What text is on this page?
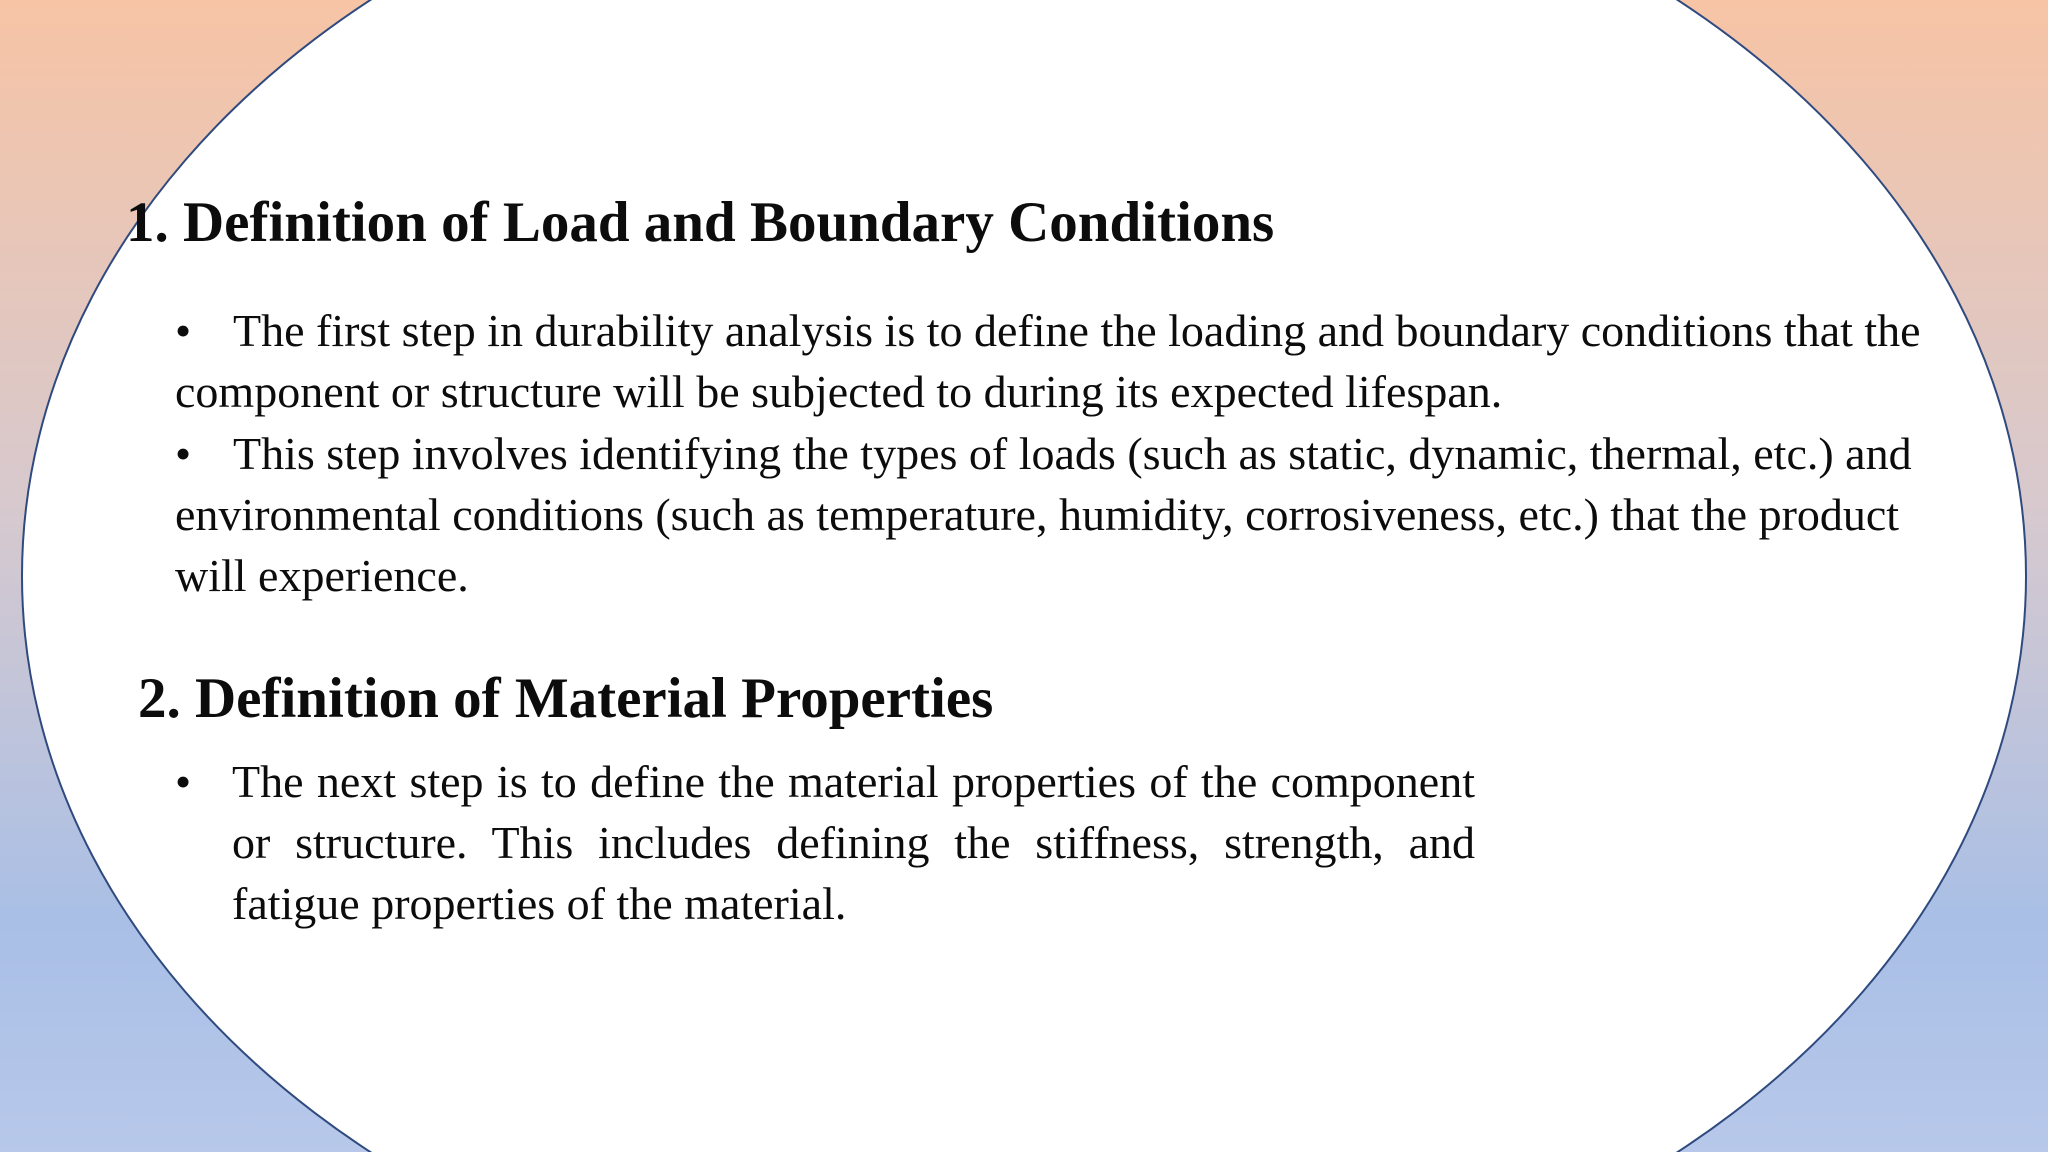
1. Definition of Load and Boundary Conditions

• The first step in durability analysis is to define the loading and boundary conditions that the component or structure will be subjected to during its expected lifespan.

• This step involves identifying the types of loads (such as static, dynamic, thermal, etc.) and environmental conditions (such as temperature, humidity, corrosiveness, etc.) that the product will experience.

2. Definition of Material Properties

• The next step is to define the material properties of the component or structure. This includes defining the stiffness, strength, and fatigue properties of the material.
